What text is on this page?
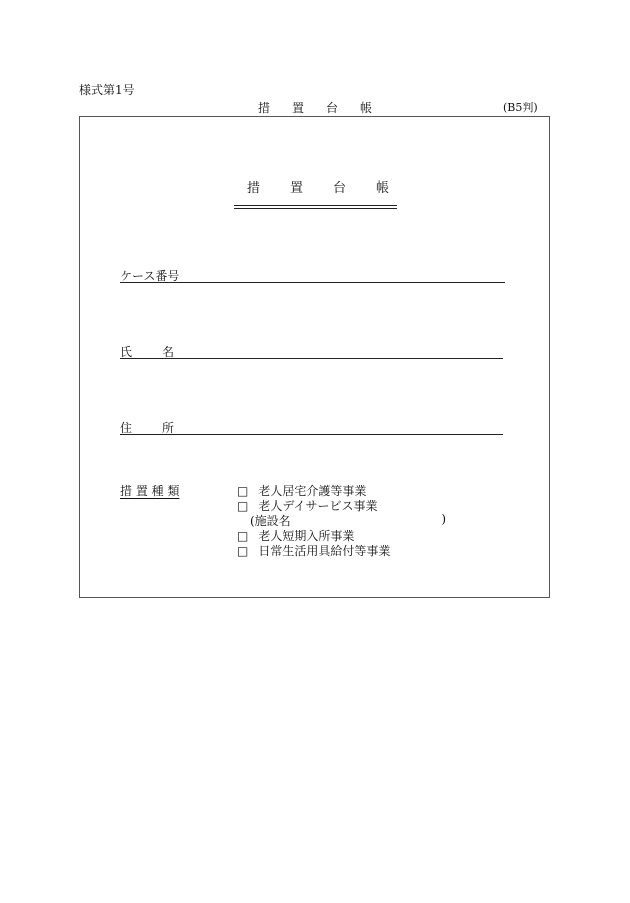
様式第1号
措置台帳	(B5判)
措置台帳
ケース番号
氏名
住所
措 置 種 類	□ 老人居宅介護等事業
□ 老人デイサービス事業
(施設名	)
□ 老人短期入所事業
□ 日常生活用具給付等事業
